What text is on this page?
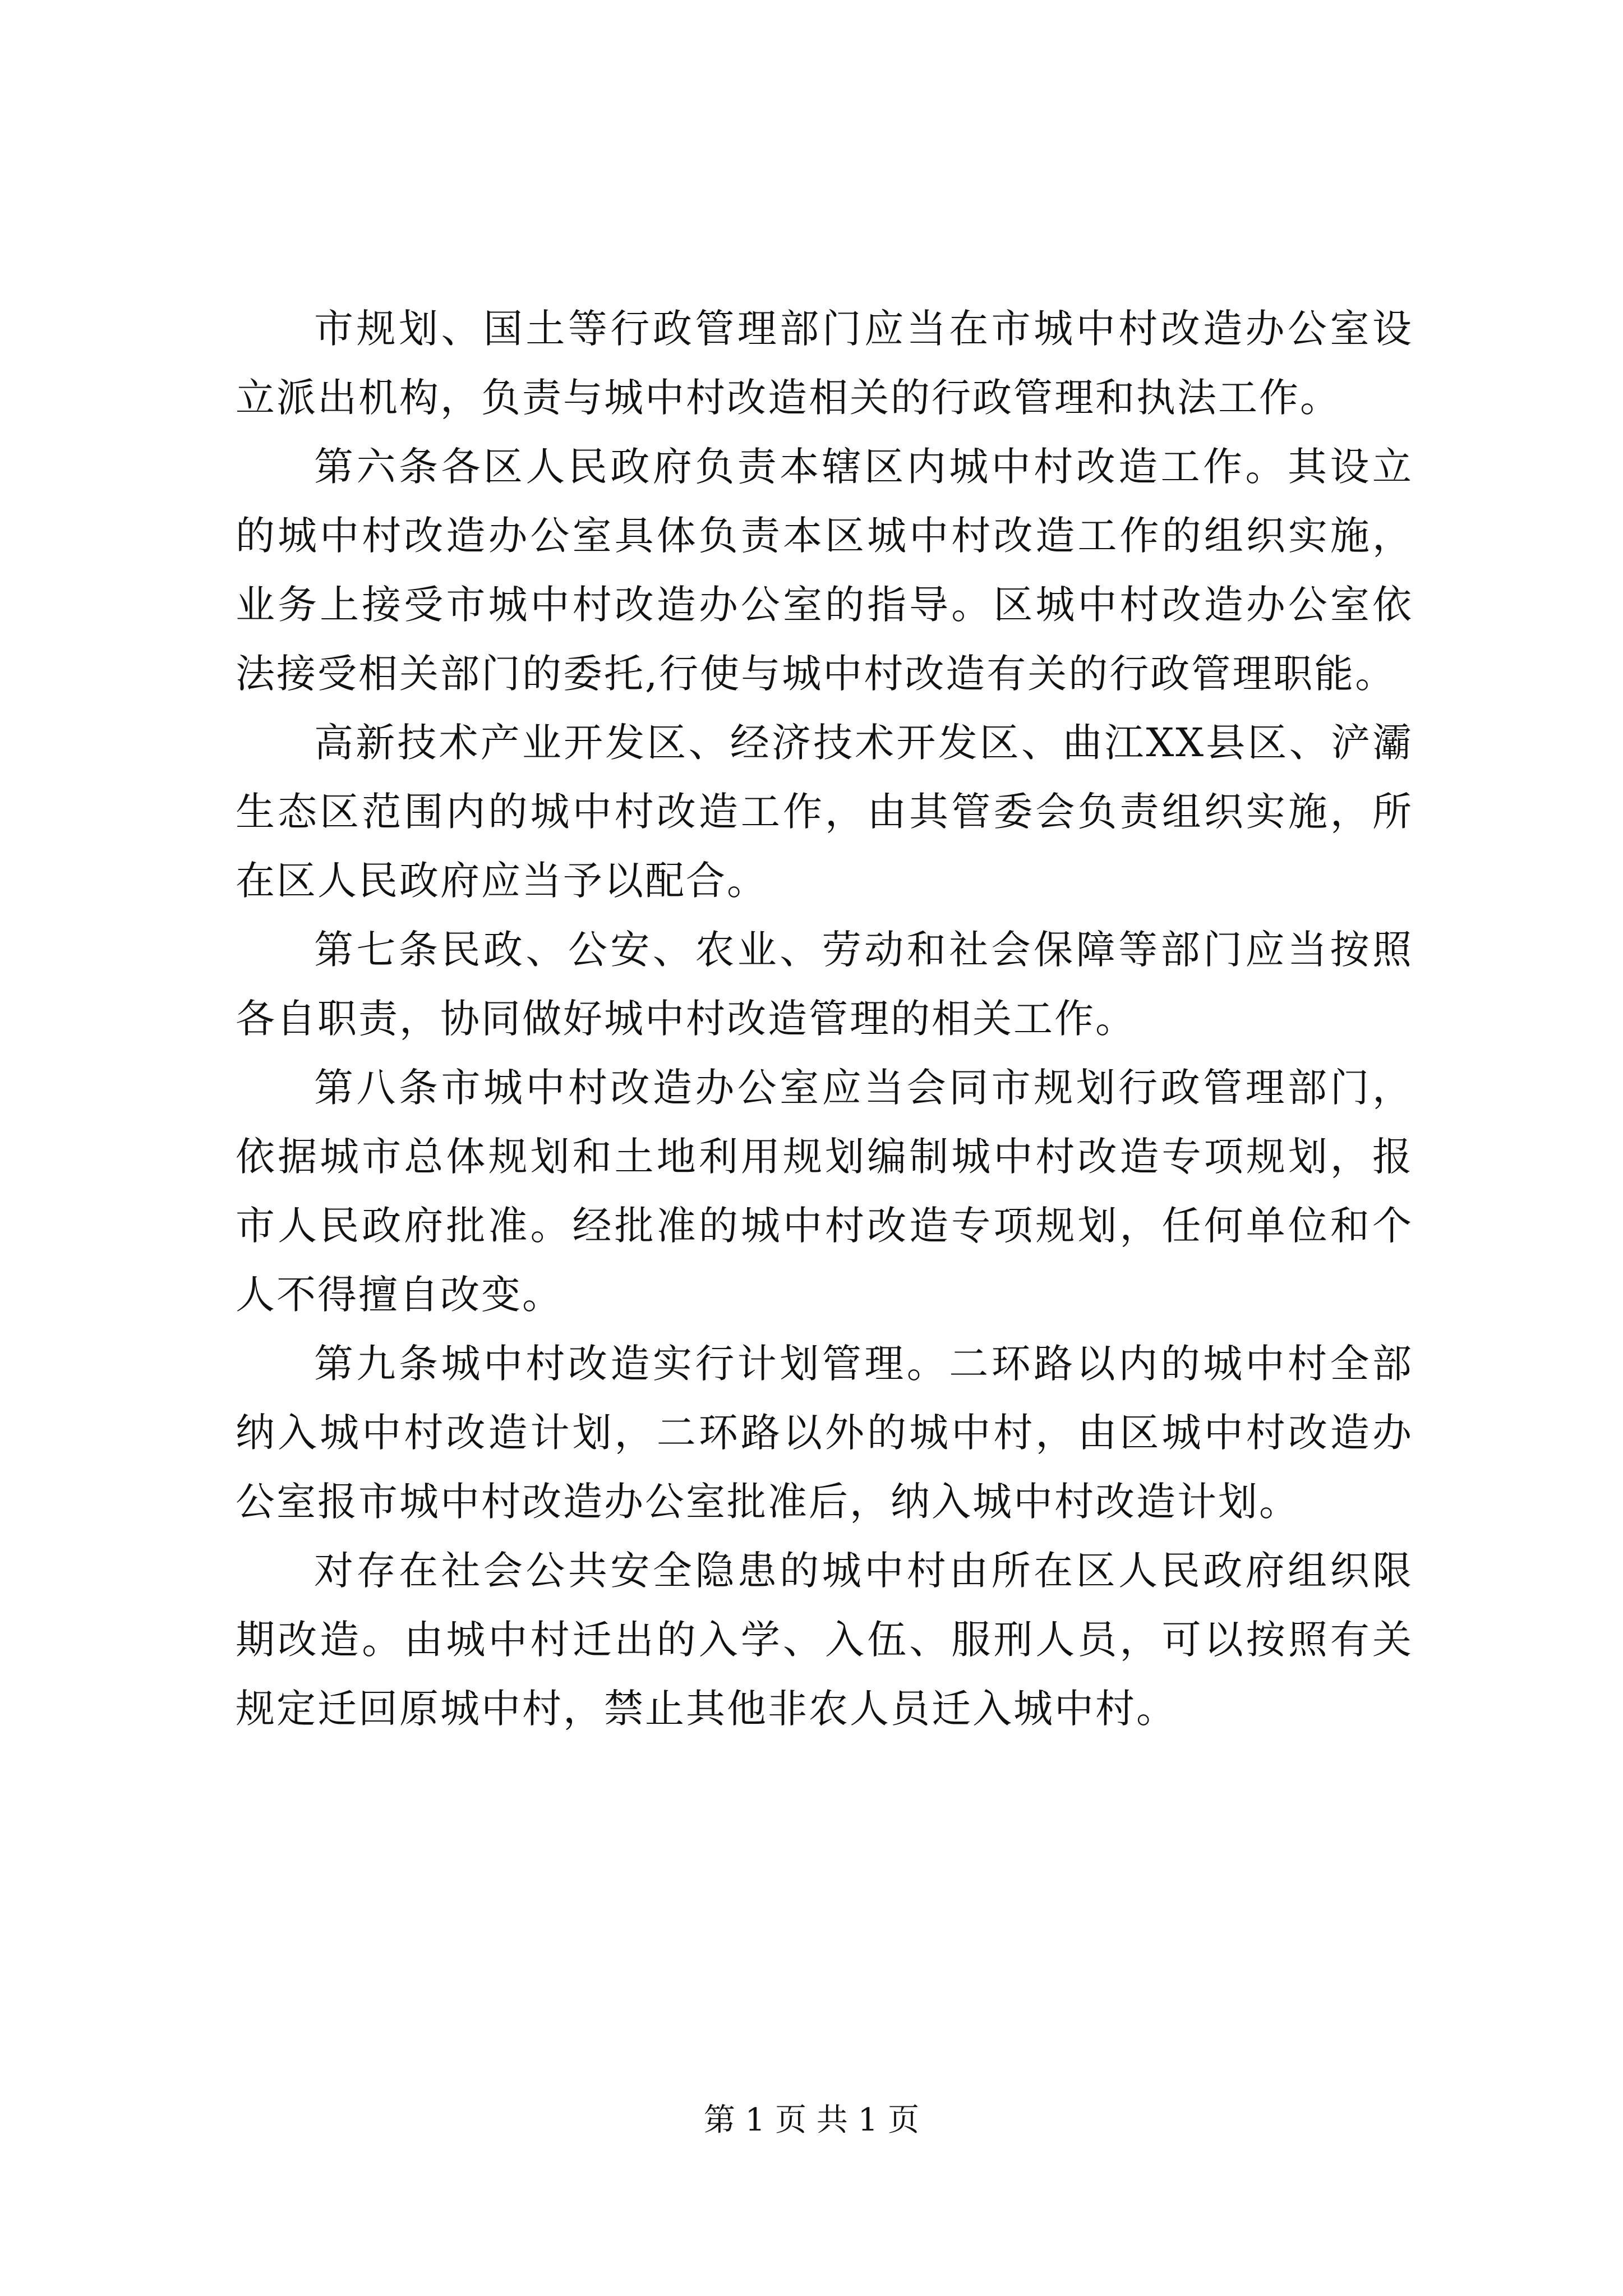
市规划、国土等行政管理部门应当在市城中村改造办公室设立派出机构，负责与城中村改造相关的行政管理和执法工作。

第六条各区人民政府负责本辖区内城中村改造工作。其设立的城中村改造办公室具体负责本区城中村改造工作的组织实施，业务上接受市城中村改造办公室的指导。区城中村改造办公室依法接受相关部门的委托,行使与城中村改造有关的行政管理职能。

高新技术产业开发区、经济技术开发区、曲江XX县区、浐灞生态区范围内的城中村改造工作，由其管委会负责组织实施，所在区人民政府应当予以配合。

第七条民政、公安、农业、劳动和社会保障等部门应当按照各自职责，协同做好城中村改造管理的相关工作。

第八条市城中村改造办公室应当会同市规划行政管理部门，依据城市总体规划和土地利用规划编制城中村改造专项规划，报市人民政府批准。经批准的城中村改造专项规划，任何单位和个人不得擅自改变。

第九条城中村改造实行计划管理。二环路以内的城中村全部纳入城中村改造计划，二环路以外的城中村，由区城中村改造办公室报市城中村改造办公室批准后，纳入城中村改造计划。

对存在社会公共安全隐患的城中村由所在区人民政府组织限期改造。由城中村迁出的入学、入伍、服刑人员，可以按照有关规定迁回原城中村，禁止其他非农人员迁入城中村。

第 1 页 共 1 页
